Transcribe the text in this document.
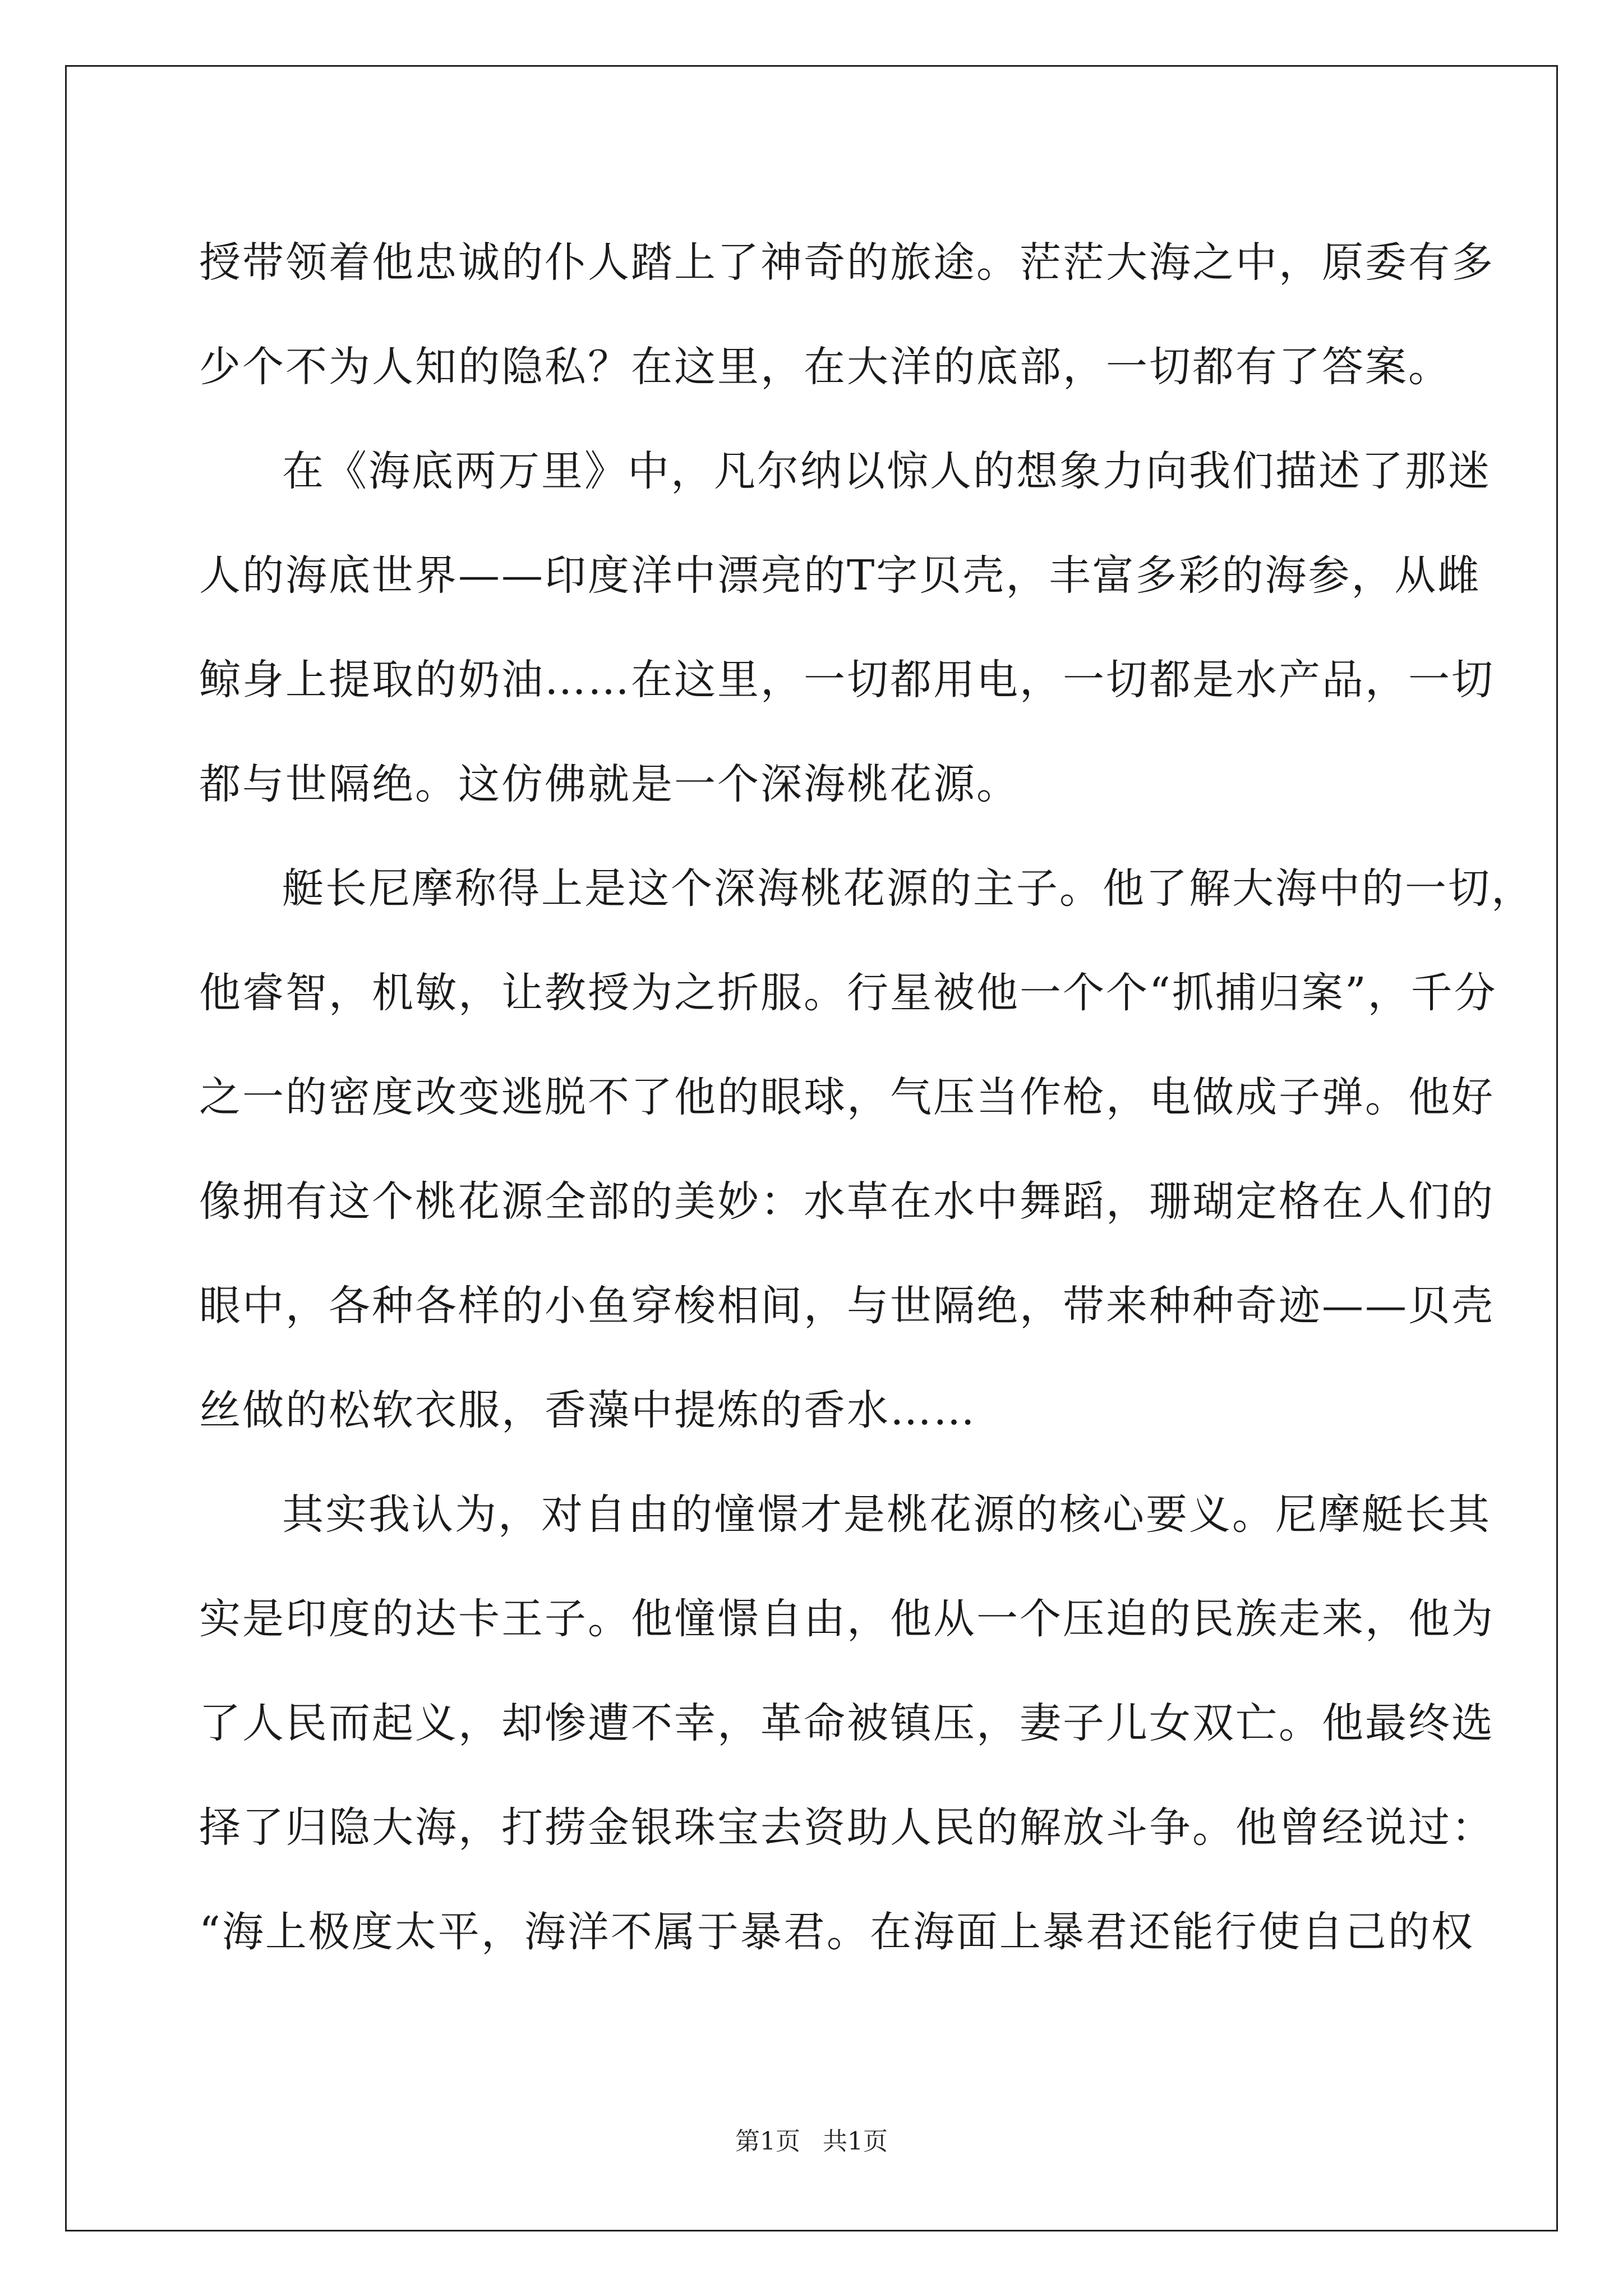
授带领着他忠诚的仆人踏上了神奇的旅途。茫茫大海之中，原委有多
少个不为人知的隐私？在这里，在大洋的底部，一切都有了答案。
在《海底两万里》中，凡尔纳以惊人的想象力向我们描述了那迷
人的海底世界——印度洋中漂亮的T字贝壳，丰富多彩的海参，从雌
鲸身上提取的奶油……在这里，一切都用电，一切都是水产品，一切
都与世隔绝。这仿佛就是一个深海桃花源。
艇长尼摩称得上是这个深海桃花源的主子。他了解大海中的一切，
他睿智，机敏，让教授为之折服。行星被他一个个“抓捕归案”，千分
之一的密度改变逃脱不了他的眼球，气压当作枪，电做成子弹。他好
像拥有这个桃花源全部的美妙：水草在水中舞蹈，珊瑚定格在人们的
眼中，各种各样的小鱼穿梭相间，与世隔绝，带来种种奇迹——贝壳
丝做的松软衣服，香藻中提炼的香水……
其实我认为，对自由的憧憬才是桃花源的核心要义。尼摩艇长其
实是印度的达卡王子。他憧憬自由，他从一个压迫的民族走来，他为
了人民而起义，却惨遭不幸，革命被镇压，妻子儿女双亡。他最终选
择了归隐大海，打捞金银珠宝去资助人民的解放斗争。他曾经说过：
“海上极度太平，海洋不属于暴君。在海面上暴君还能行使自己的权
第1页 共1页
